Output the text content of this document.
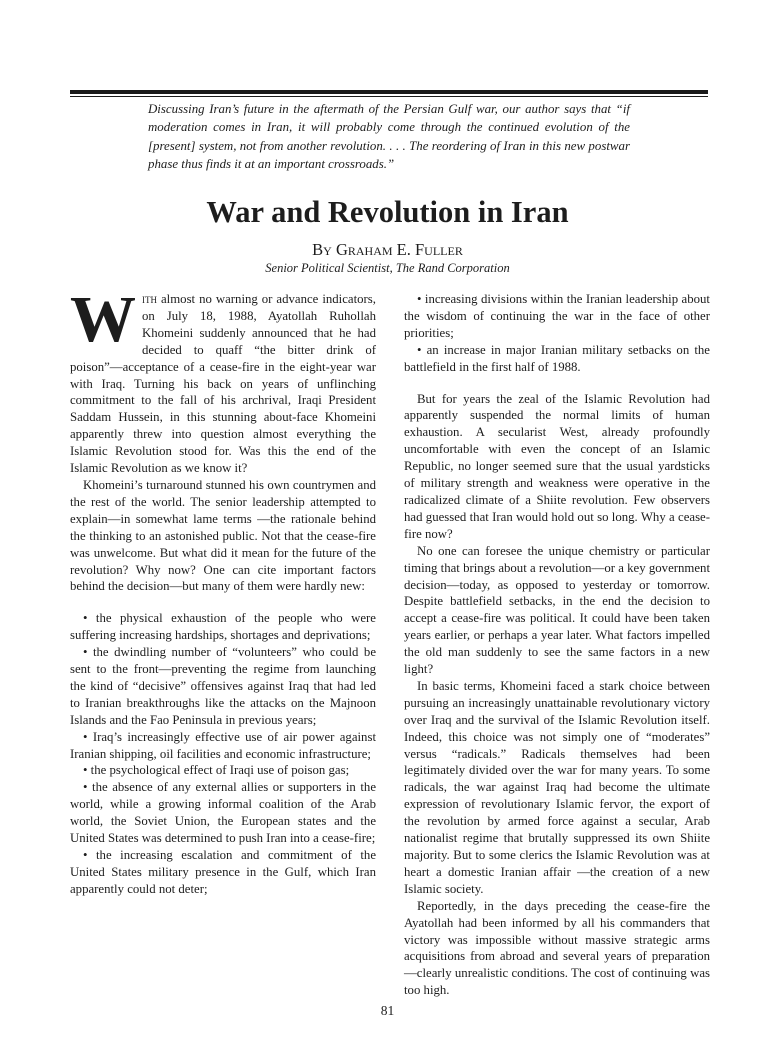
Discussing Iran’s future in the aftermath of the Persian Gulf war, our author says that “if moderation comes in Iran, it will probably come through the continued evolution of the [present] system, not from another revolution. . . . The reordering of Iran in this new postwar phase thus finds it at an important crossroads.”

War and Revolution in Iran

By Graham E. Fuller

Senior Political Scientist, The Rand Corporation

With almost no warning or advance indicators, on July 18, 1988, Ayatollah Ruhollah Khomeini suddenly announced that he had decided to quaff “the bitter drink of poison”—acceptance of a cease-fire in the eight-year war with Iraq. Turning his back on years of unflinching commitment to the fall of his archrival, Iraqi President Saddam Hussein, in this stunning about-face Khomeini apparently threw into question almost everything the Islamic Revolution stood for. Was this the end of the Islamic Revolution as we know it?

Khomeini’s turnaround stunned his own countrymen and the rest of the world. The senior leadership attempted to explain—in somewhat lame terms —the rationale behind the thinking to an astonished public. Not that the cease-fire was unwelcome. But what did it mean for the future of the revolution? Why now? One can cite important factors behind the decision—but many of them were hardly new:

• the physical exhaustion of the people who were suffering increasing hardships, shortages and deprivations;

• the dwindling number of “volunteers” who could be sent to the front—preventing the regime from launching the kind of “decisive” offensives against Iraq that had led to Iranian breakthroughs like the attacks on the Majnoon Islands and the Fao Peninsula in previous years;

• Iraq’s increasingly effective use of air power against Iranian shipping, oil facilities and economic infrastructure;

• the psychological effect of Iraqi use of poison gas;

• the absence of any external allies or supporters in the world, while a growing informal coalition of the Arab world, the Soviet Union, the European states and the United States was determined to push Iran into a cease-fire;

• the increasing escalation and commitment of the United States military presence in the Gulf, which Iran apparently could not deter;

• increasing divisions within the Iranian leadership about the wisdom of continuing the war in the face of other priorities;

• an increase in major Iranian military setbacks on the battlefield in the first half of 1988.

But for years the zeal of the Islamic Revolution had apparently suspended the normal limits of human exhaustion. A secularist West, already profoundly uncomfortable with even the concept of an Islamic Republic, no longer seemed sure that the usual yardsticks of military strength and weakness were operative in the radicalized climate of a Shiite revolution. Few observers had guessed that Iran would hold out so long. Why a cease-fire now?

No one can foresee the unique chemistry or particular timing that brings about a revolution—or a key government decision—today, as opposed to yesterday or tomorrow. Despite battlefield setbacks, in the end the decision to accept a cease-fire was political. It could have been taken years earlier, or perhaps a year later. What factors impelled the old man suddenly to see the same factors in a new light?

In basic terms, Khomeini faced a stark choice between pursuing an increasingly unattainable revolutionary victory over Iraq and the survival of the Islamic Revolution itself. Indeed, this choice was not simply one of “moderates” versus “radicals.” Radicals themselves had been legitimately divided over the war for many years. To some radicals, the war against Iraq had become the ultimate expression of revolutionary Islamic fervor, the export of the revolution by armed force against a secular, Arab nationalist regime that brutally suppressed its own Shiite majority. But to some clerics the Islamic Revolution was at heart a domestic Iranian affair —the creation of a new Islamic society.

Reportedly, in the days preceding the cease-fire the Ayatollah had been informed by all his commanders that victory was impossible without massive strategic arms acquisitions from abroad and several years of preparation—clearly unrealistic conditions. The cost of continuing was too high.

81
